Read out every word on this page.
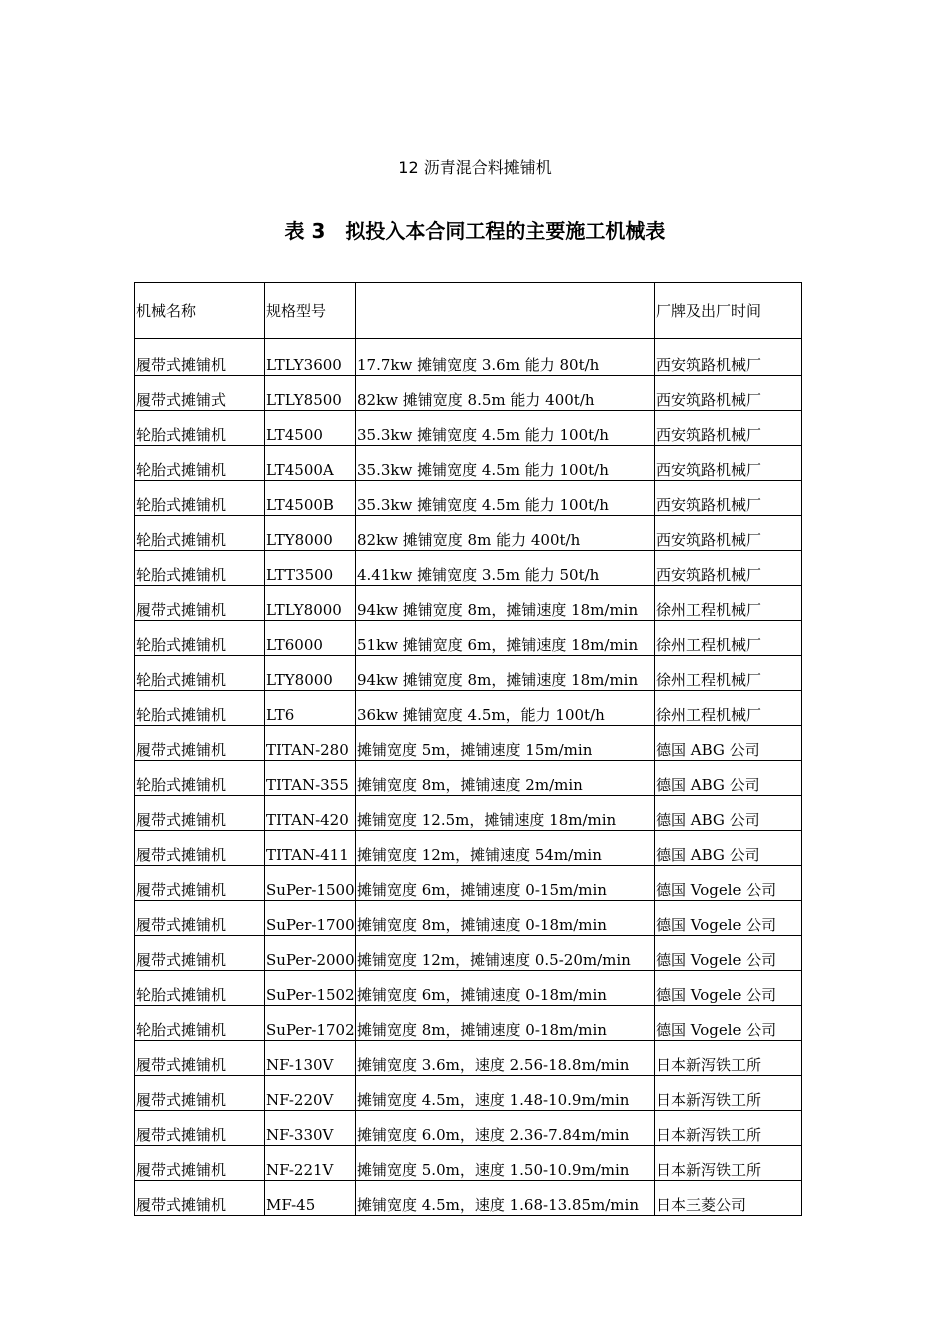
12 沥青混合料摊铺机
表 3　拟投入本合同工程的主要施工机械表
机械名称	规格型号		厂牌及出厂时间
履带式摊铺机	LTLY3600	17.7kw 摊铺宽度 3.6m 能力 80t/h	西安筑路机械厂
履带式摊铺式	LTLY8500	82kw 摊铺宽度 8.5m 能力 400t/h	西安筑路机械厂
轮胎式摊铺机	LT4500	35.3kw 摊铺宽度 4.5m 能力 100t/h	西安筑路机械厂
轮胎式摊铺机	LT4500A	35.3kw 摊铺宽度 4.5m 能力 100t/h	西安筑路机械厂
轮胎式摊铺机	LT4500B	35.3kw 摊铺宽度 4.5m 能力 100t/h	西安筑路机械厂
轮胎式摊铺机	LTY8000	82kw 摊铺宽度 8m 能力 400t/h	西安筑路机械厂
轮胎式摊铺机	LTT3500	4.41kw 摊铺宽度 3.5m 能力 50t/h	西安筑路机械厂
履带式摊铺机	LTLY8000	94kw 摊铺宽度 8m，摊铺速度 18m/min	徐州工程机械厂
轮胎式摊铺机	LT6000	51kw 摊铺宽度 6m，摊铺速度 18m/min	徐州工程机械厂
轮胎式摊铺机	LTY8000	94kw 摊铺宽度 8m，摊铺速度 18m/min	徐州工程机械厂
轮胎式摊铺机	LT6	36kw 摊铺宽度 4.5m，能力 100t/h	徐州工程机械厂
履带式摊铺机	TITAN-280	摊铺宽度 5m，摊铺速度 15m/min	德国 ABG 公司
轮胎式摊铺机	TITAN-355	摊铺宽度 8m，摊铺速度 2m/min	德国 ABG 公司
履带式摊铺机	TITAN-420	摊铺宽度 12.5m，摊铺速度 18m/min	德国 ABG 公司
履带式摊铺机	TITAN-411	摊铺宽度 12m，摊铺速度 54m/min	德国 ABG 公司
履带式摊铺机	SuPer-1500	摊铺宽度 6m，摊铺速度 0-15m/min	德国 Vogele 公司
履带式摊铺机	SuPer-1700	摊铺宽度 8m，摊铺速度 0-18m/min	德国 Vogele 公司
履带式摊铺机	SuPer-2000	摊铺宽度 12m，摊铺速度 0.5-20m/min	德国 Vogele 公司
轮胎式摊铺机	SuPer-1502	摊铺宽度 6m，摊铺速度 0-18m/min	德国 Vogele 公司
轮胎式摊铺机	SuPer-1702	摊铺宽度 8m，摊铺速度 0-18m/min	德国 Vogele 公司
履带式摊铺机	NF-130V	摊铺宽度 3.6m，速度 2.56-18.8m/min	日本新泻铁工所
履带式摊铺机	NF-220V	摊铺宽度 4.5m，速度 1.48-10.9m/min	日本新泻铁工所
履带式摊铺机	NF-330V	摊铺宽度 6.0m，速度 2.36-7.84m/min	日本新泻铁工所
履带式摊铺机	NF-221V	摊铺宽度 5.0m，速度 1.50-10.9m/min	日本新泻铁工所
履带式摊铺机	MF-45	摊铺宽度 4.5m，速度 1.68-13.85m/min	日本三菱公司
